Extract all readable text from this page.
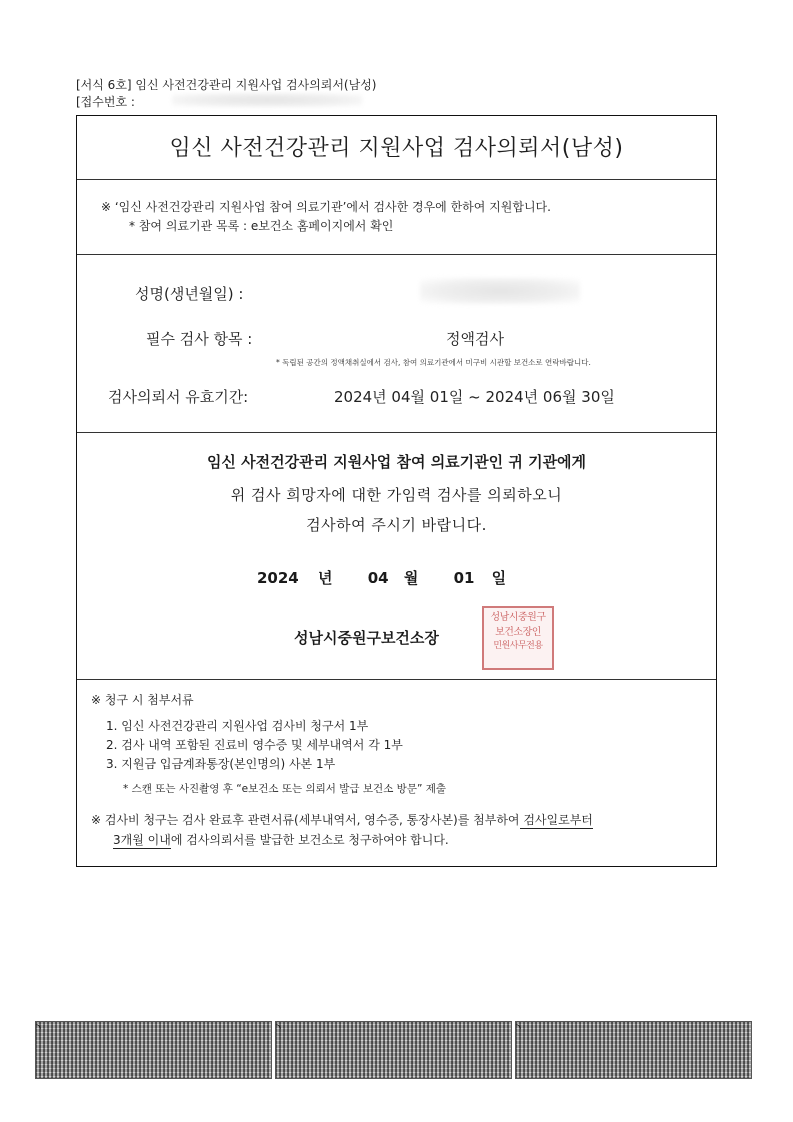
[서식 6호] 임신 사전건강관리 지원사업 검사의뢰서(남성)
[접수번호 :
임신 사전건강관리 지원사업 검사의뢰서(남성)
※ ‘임신 사전건강관리 지원사업 참여 의료기관’에서 검사한 경우에 한하여 지원합니다.
* 참여 의료기관 목록 : e보건소 홈페이지에서 확인
성명(생년월일) :
필수 검사 항목 :	정액검사
* 독립된 공간의 정액채취실에서 검사, 참여 의료기관에서 미구비 시관할 보건소로 연락바랍니다.
검사의뢰서 유효기간:	2024년 04월 01일 ~ 2024년 06월 30일
임신 사전건강관리 지원사업 참여 의료기관인 귀 기관에게
위 검사 희망자에 대한 가임력 검사를 의뢰하오니
검사하여 주시기 바랍니다.
2024 년 04 월 01 일
성남시중원구보건소장
성남시중원구
보건소장인
민원사무전용
※ 청구 시 첨부서류
1. 임신 사전건강관리 지원사업 검사비 청구서 1부
2. 검사 내역 포함된 진료비 영수증 및 세부내역서 각 1부
3. 지원금 입금계좌통장(본인명의) 사본 1부
* 스캔 또는 사진촬영 후 “e보건소 또는 의뢰서 발급 보건소 방문” 제출
※ 검사비 청구는 검사 완료후 관련서류(세부내역서, 영수증, 통장사본)를 첨부하여 검사일로부터
3개월 이내에 검사의뢰서를 발급한 보건소로 청구하여야 합니다.
◝	◝	◝
